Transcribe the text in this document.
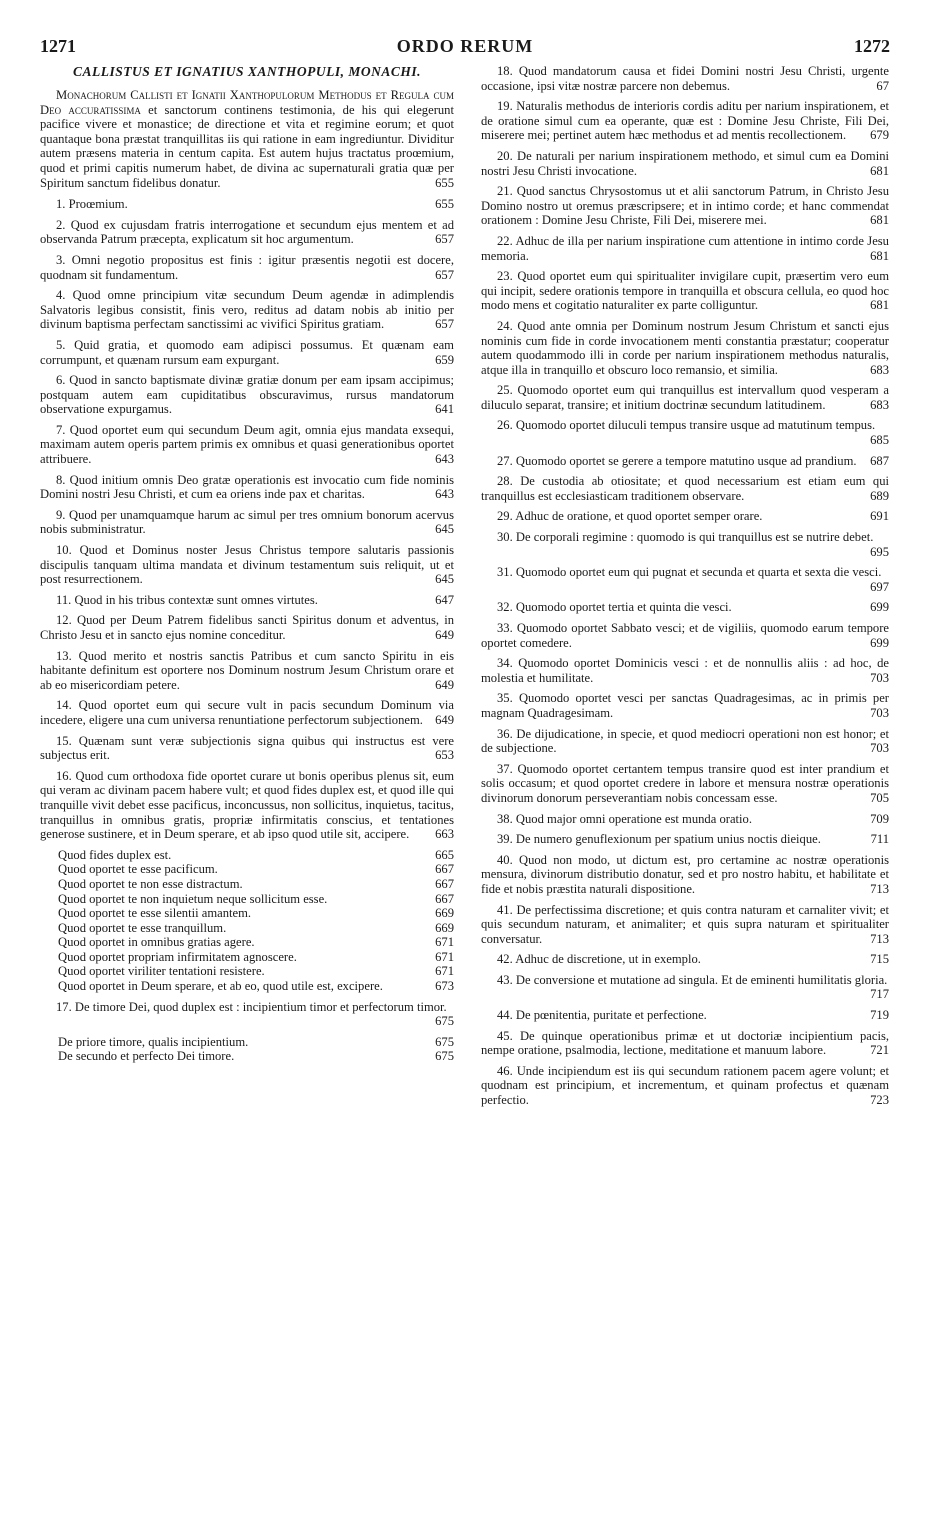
1271	ORDO RERUM	1272
CALLISTUS ET IGNATIUS XANTHOPULI, MONACHI.
Monachorum Callisti et Ignatii Xanthopulorum Methodus et Regula cum Deo accuratissima et sanctorum continens testimonia, de his qui elegerunt pacifice vivere et monastice; de directione et vita et regimine eorum; et quot quantaque bona præstat tranquillitas iis qui ratione in eam ingrediuntur. Dividitur autem præsens materia in centum capita. Est autem hujus tractatus proœmium, quod et primi capitis numerum habet, de divina ac supernaturali gratia quæ per Spiritum sanctum fidelibus donatur.	655
1. Proœmium.	655
2. Quod ex cujusdam fratris interrogatione et secundum ejus mentem et ad observanda Patrum præcepta, explicatum sit hoc argumentum.	657
3. Omni negotio propositus est finis : igitur præsentis negotii est docere, quodnam sit fundamentum.	657
4. Quod omne principium vitæ secundum Deum agendæ in adimplendis Salvatoris legibus consistit, finis vero, reditus ad datam nobis ab initio per divinum baptisma perfectam sanctissimi ac vivifici Spiritus gratiam.	657
5. Quid gratia, et quomodo eam adipisci possumus. Et quænam eam corrumpunt, et quænam rursum eam expurgant.	659
6. Quod in sancto baptismate divinæ gratiæ donum per eam ipsam accipimus; postquam autem eam cupiditatibus obscuravimus, rursus mandatorum observatione expurgamus.	641
7. Quod oportet eum qui secundum Deum agit, omnia ejus mandata exsequi, maximam autem operis partem primis ex omnibus et quasi generationibus oportet attribuere.	643
8. Quod initium omnis Deo gratæ operationis est invocatio cum fide nominis Domini nostri Jesu Christi, et cum ea oriens inde pax et charitas.	643
9. Quod per unamquamque harum ac simul per tres omnium bonorum acervus nobis subministratur.	645
10. Quod et Dominus noster Jesus Christus tempore salutaris passionis discipulis tanquam ultima mandata et divinum testamentum suis reliquit, ut et post resurrectionem.	645
11. Quod in his tribus contextæ sunt omnes virtutes.	647
12. Quod per Deum Patrem fidelibus sancti Spiritus donum et adventus, in Christo Jesu et in sancto ejus nomine conceditur.	649
13. Quod merito et nostris sanctis Patribus et cum sancto Spiritu in eis habitante definitum est oportere nos Dominum nostrum Jesum Christum orare et ab eo misericordiam petere.	649
14. Quod oportet eum qui secure vult in pacis secundum Dominum via incedere, eligere una cum universa renuntiatione perfectorum subjectionem. 649
15. Quænam sunt veræ subjectionis signa quibus qui instructus est vere subjectus erit.	653
16. Quod cum orthodoxa fide oportet curare ut bonis operibus plenus sit, eum qui veram ac divinam pacem habere vult; et quod fides duplex est, et quod ille qui tranquille vivit debet esse pacificus, inconcussus, non sollicitus, inquietus, tacitus, tranquillus in omnibus gratis, propriæ infirmitatis conscius, et tentationes generose sustinere, et in Deum sperare, et ab ipso quod utile sit, accipere.	663
Quod fides duplex est.	665
Quod oportet te esse pacificum.	667
Quod oportet te non esse distractum.	667
Quod oportet te non inquietum neque sollicitum esse.	667
Quod oportet te esse silentii amantem.	669
Quod oportet te esse tranquillum.	669
Quod oportet in omnibus gratias agere.	671
Quod oportet propriam infirmitatem agnoscere.	671
Quod oportet viriliter tentationi resistere.	671
Quod oportet in Deum sperare, et ab eo, quod utile est, excipere.	673
17. De timore Dei, quod duplex est : incipientium timor et perfectorum timor.
675
De priore timore, qualis incipientium.	675
De secundo et perfecto Dei timore.	675
18. Quod mandatorum causa et fidei Domini nostri Jesu Christi, urgente occasione, ipsi vitæ nostræ parcere non debemus.	67
19. Naturalis methodus de interioris cordis aditu per narium inspirationem, et de oratione simul cum ea operante, quæ est : Domine Jesu Christe, Fili Dei, miserere mei; pertinet autem hæc methodus et ad mentis recollectionem.	679
20. De naturali per narium inspirationem methodo, et simul cum ea Domini nostri Jesu Christi invocatione.	681
21. Quod sanctus Chrysostomus ut et alii sanctorum Patrum, in Christo Jesu Domino nostro ut oremus præscripsere; et in intimo corde; et hanc commendat orationem : Domine Jesu Christe, Fili Dei, miserere mei.	681
22. Adhuc de illa per narium inspiratione cum attentione in intimo corde Jesu memoria.	681
23. Quod oportet eum qui spiritualiter invigilare cupit, præsertim vero eum qui incipit, sedere orationis tempore in tranquilla et obscura cellula, eo quod hoc modo mens et cogitatio naturaliter ex parte colliguntur.	681
24. Quod ante omnia per Dominum nostrum Jesum Christum et sancti ejus nominis cum fide in corde invocationem menti constantia præstatur; cooperatur autem quodammodo illi in corde per narium inspirationem methodus naturalis, atque illa in tranquillo et obscuro loco remansio, et similia.	683
25. Quomodo oportet eum qui tranquillus est intervallum quod vesperam a diluculo separat, transire; et initium doctrinæ secundum latitudinem.	683
26. Quomodo oportet diluculi tempus transire usque ad matutinum tempus.
685
27. Quomodo oportet se gerere a tempore matutino usque ad prandium.	687
28. De custodia ab otiositate; et quod necessarium est etiam eum qui tranquillus est ecclesiasticam traditionem observare.	689
29. Adhuc de oratione, et quod oportet semper orare.	691
30. De corporali regimine : quomodo is qui tranquillus est se nutrire debet.
695
31. Quomodo oportet eum qui pugnat et secunda et quarta et sexta die vesci.
697
32. Quomodo oportet tertia et quinta die vesci.	699
33. Quomodo oportet Sabbato vesci; et de vigiliis, quomodo earum tempore oportet comedere.	699
34. Quomodo oportet Dominicis vesci : et de nonnullis aliis : ad hoc, de molestia et humilitate.	703
35. Quomodo oportet vesci per sanctas Quadragesimas, ac in primis per magnam Quadragesimam.	703
36. De dijudicatione, in specie, et quod mediocri operationi non est honor; et de subjectione.	703
37. Quomodo oportet certantem tempus transire quod est inter prandium et solis occasum; et quod oportet credere in labore et mensura nostræ operationis divinorum donorum perseverantiam nobis concessam esse.	705
38. Quod major omni operatione est munda oratio.	709
39. De numero genuflexionum per spatium unius noctis dieique.	711
40. Quod non modo, ut dictum est, pro certamine ac nostræ operationis mensura, divinorum distributio donatur, sed et pro nostro habitu, et habilitate et fide et nobis præstita naturali dispositione.	713
41. De perfectissima discretione; et quis contra naturam et carnaliter vivit; et quis secundum naturam, et animaliter; et quis supra naturam et spiritualiter conversatur.	713
42. Adhuc de discretione, ut in exemplo.	715
43. De conversione et mutatione ad singula. Et de eminenti humilitatis gloria.
717
44. De pœnitentia, puritate et perfectione.	719
45. De quinque operationibus primæ et ut doctoriæ incipientium pacis, nempe oratione, psalmodia, lectione, meditatione et manuum labore.	721
46. Unde incipiendum est iis qui secundum rationem pacem agere volunt; et quodnam est principium, et incrementum, et quinam profectus et quænam perfectio.	723
